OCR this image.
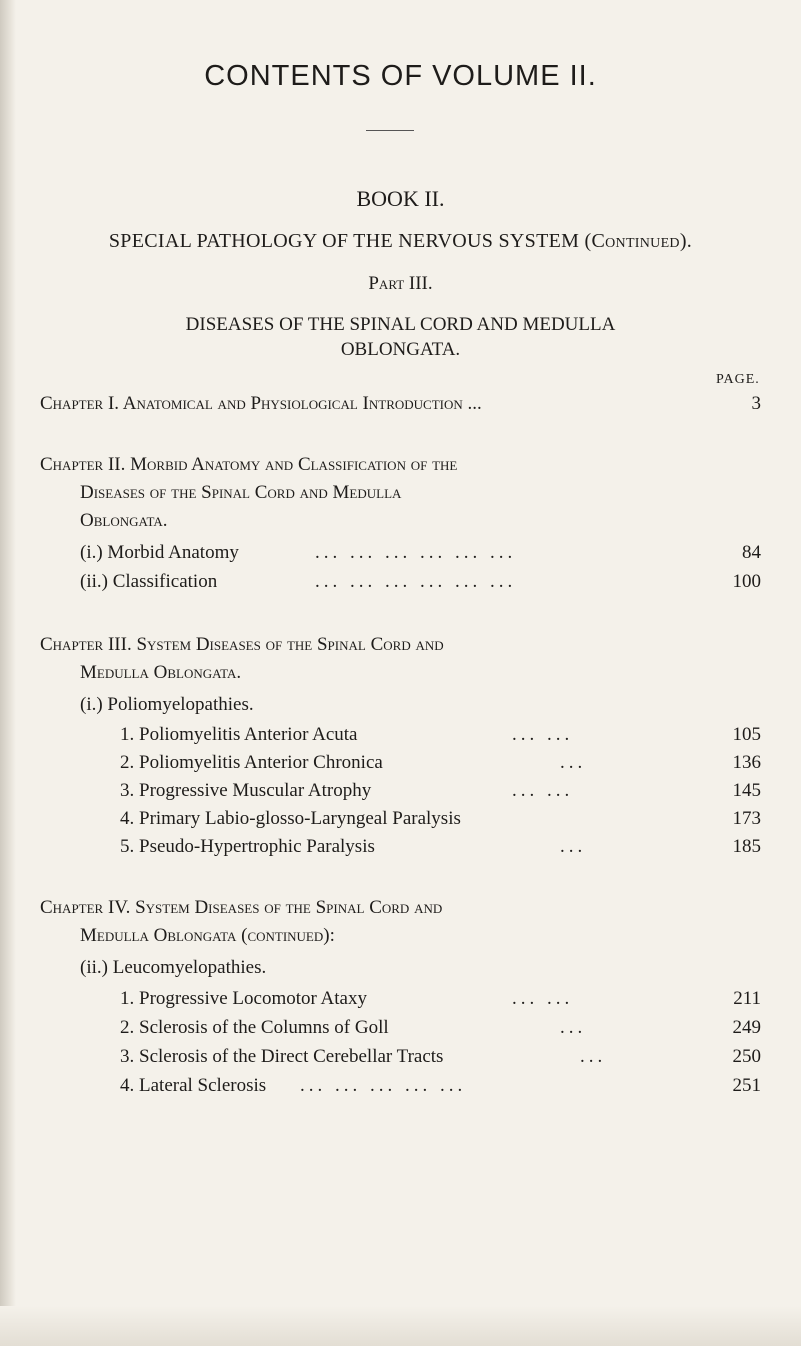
CONTENTS OF VOLUME II.
BOOK II.
SPECIAL PATHOLOGY OF THE NERVOUS SYSTEM (Continued).
Part III.
DISEASES OF THE SPINAL CORD AND MEDULLA
OBLONGATA.
PAGE.
Chapter I. Anatomical and Physiological Introduction ...	3
Chapter II. Morbid Anatomy and Classification of the
Diseases of the Spinal Cord and Medulla
Oblongata.
(i.) Morbid Anatomy	... ... ... ... ... ...	84
(ii.) Classification	... ... ... ... ... ...	100
Chapter III. System Diseases of the Spinal Cord and
Medulla Oblongata.
(i.) Poliomyelopathies.
1. Poliomyelitis Anterior Acuta	... ...	105
2. Poliomyelitis Anterior Chronica	...	136
3. Progressive Muscular Atrophy	... ...	145
4. Primary Labio-glosso-Laryngeal Paralysis	173
5. Pseudo-Hypertrophic Paralysis	...	185
Chapter IV. System Diseases of the Spinal Cord and
Medulla Oblongata (continued):
(ii.) Leucomyelopathies.
1. Progressive Locomotor Ataxy	... ...	211
2. Sclerosis of the Columns of Goll	...	249
3. Sclerosis of the Direct Cerebellar Tracts	...	250
4. Lateral Sclerosis ... ... ... ... ...	251
